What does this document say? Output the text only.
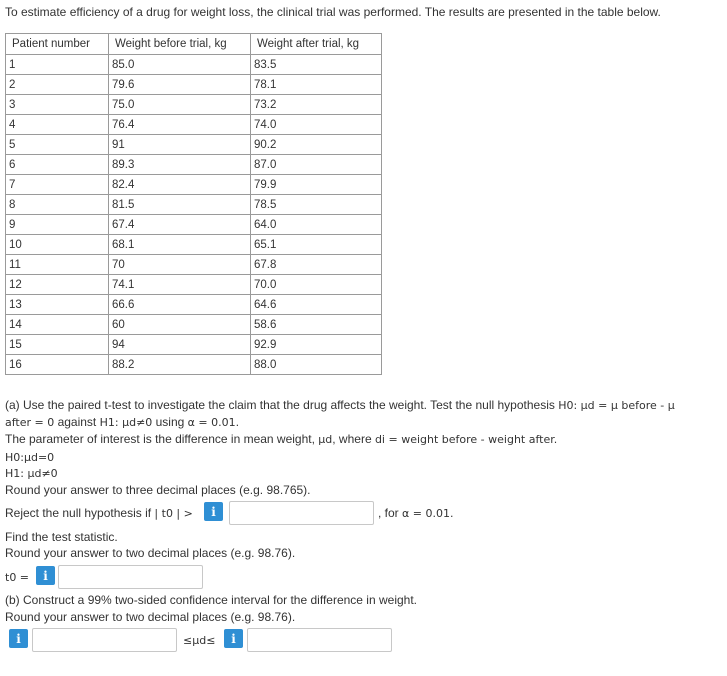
To estimate efficiency of a drug for weight loss, the clinical trial was performed. The results are presented in the table below.
Patient number	Weight before trial, kg	Weight after trial, kg
1	85.0	83.5
2	79.6	78.1
3	75.0	73.2
4	76.4	74.0
5	91	90.2
6	89.3	87.0
7	82.4	79.9
8	81.5	78.5
9	67.4	64.0
10	68.1	65.1
11	70	67.8
12	74.1	70.0
13	66.6	64.6
14	60	58.6
15	94	92.9
16	88.2	88.0
(a) Use the paired t-test to investigate the claim that the drug affects the weight. Test the null hypothesis H0: μd = μ before - μ
after = 0 against H1: μd≠0 using α = 0.01.
The parameter of interest is the difference in mean weight, μd, where di = weight before - weight after.
H0:μd=0
H1: μd≠0
Round your answer to three decimal places (e.g. 98.765).
Reject the null hypothesis if | t0 | >	i	, for α = 0.01.
Find the test statistic.
Round your answer to two decimal places (e.g. 98.76).
t0 =	i
(b) Construct a 99% two-sided confidence interval for the difference in weight.
Round your answer to two decimal places (e.g. 98.76).
i	≤μd≤	i
